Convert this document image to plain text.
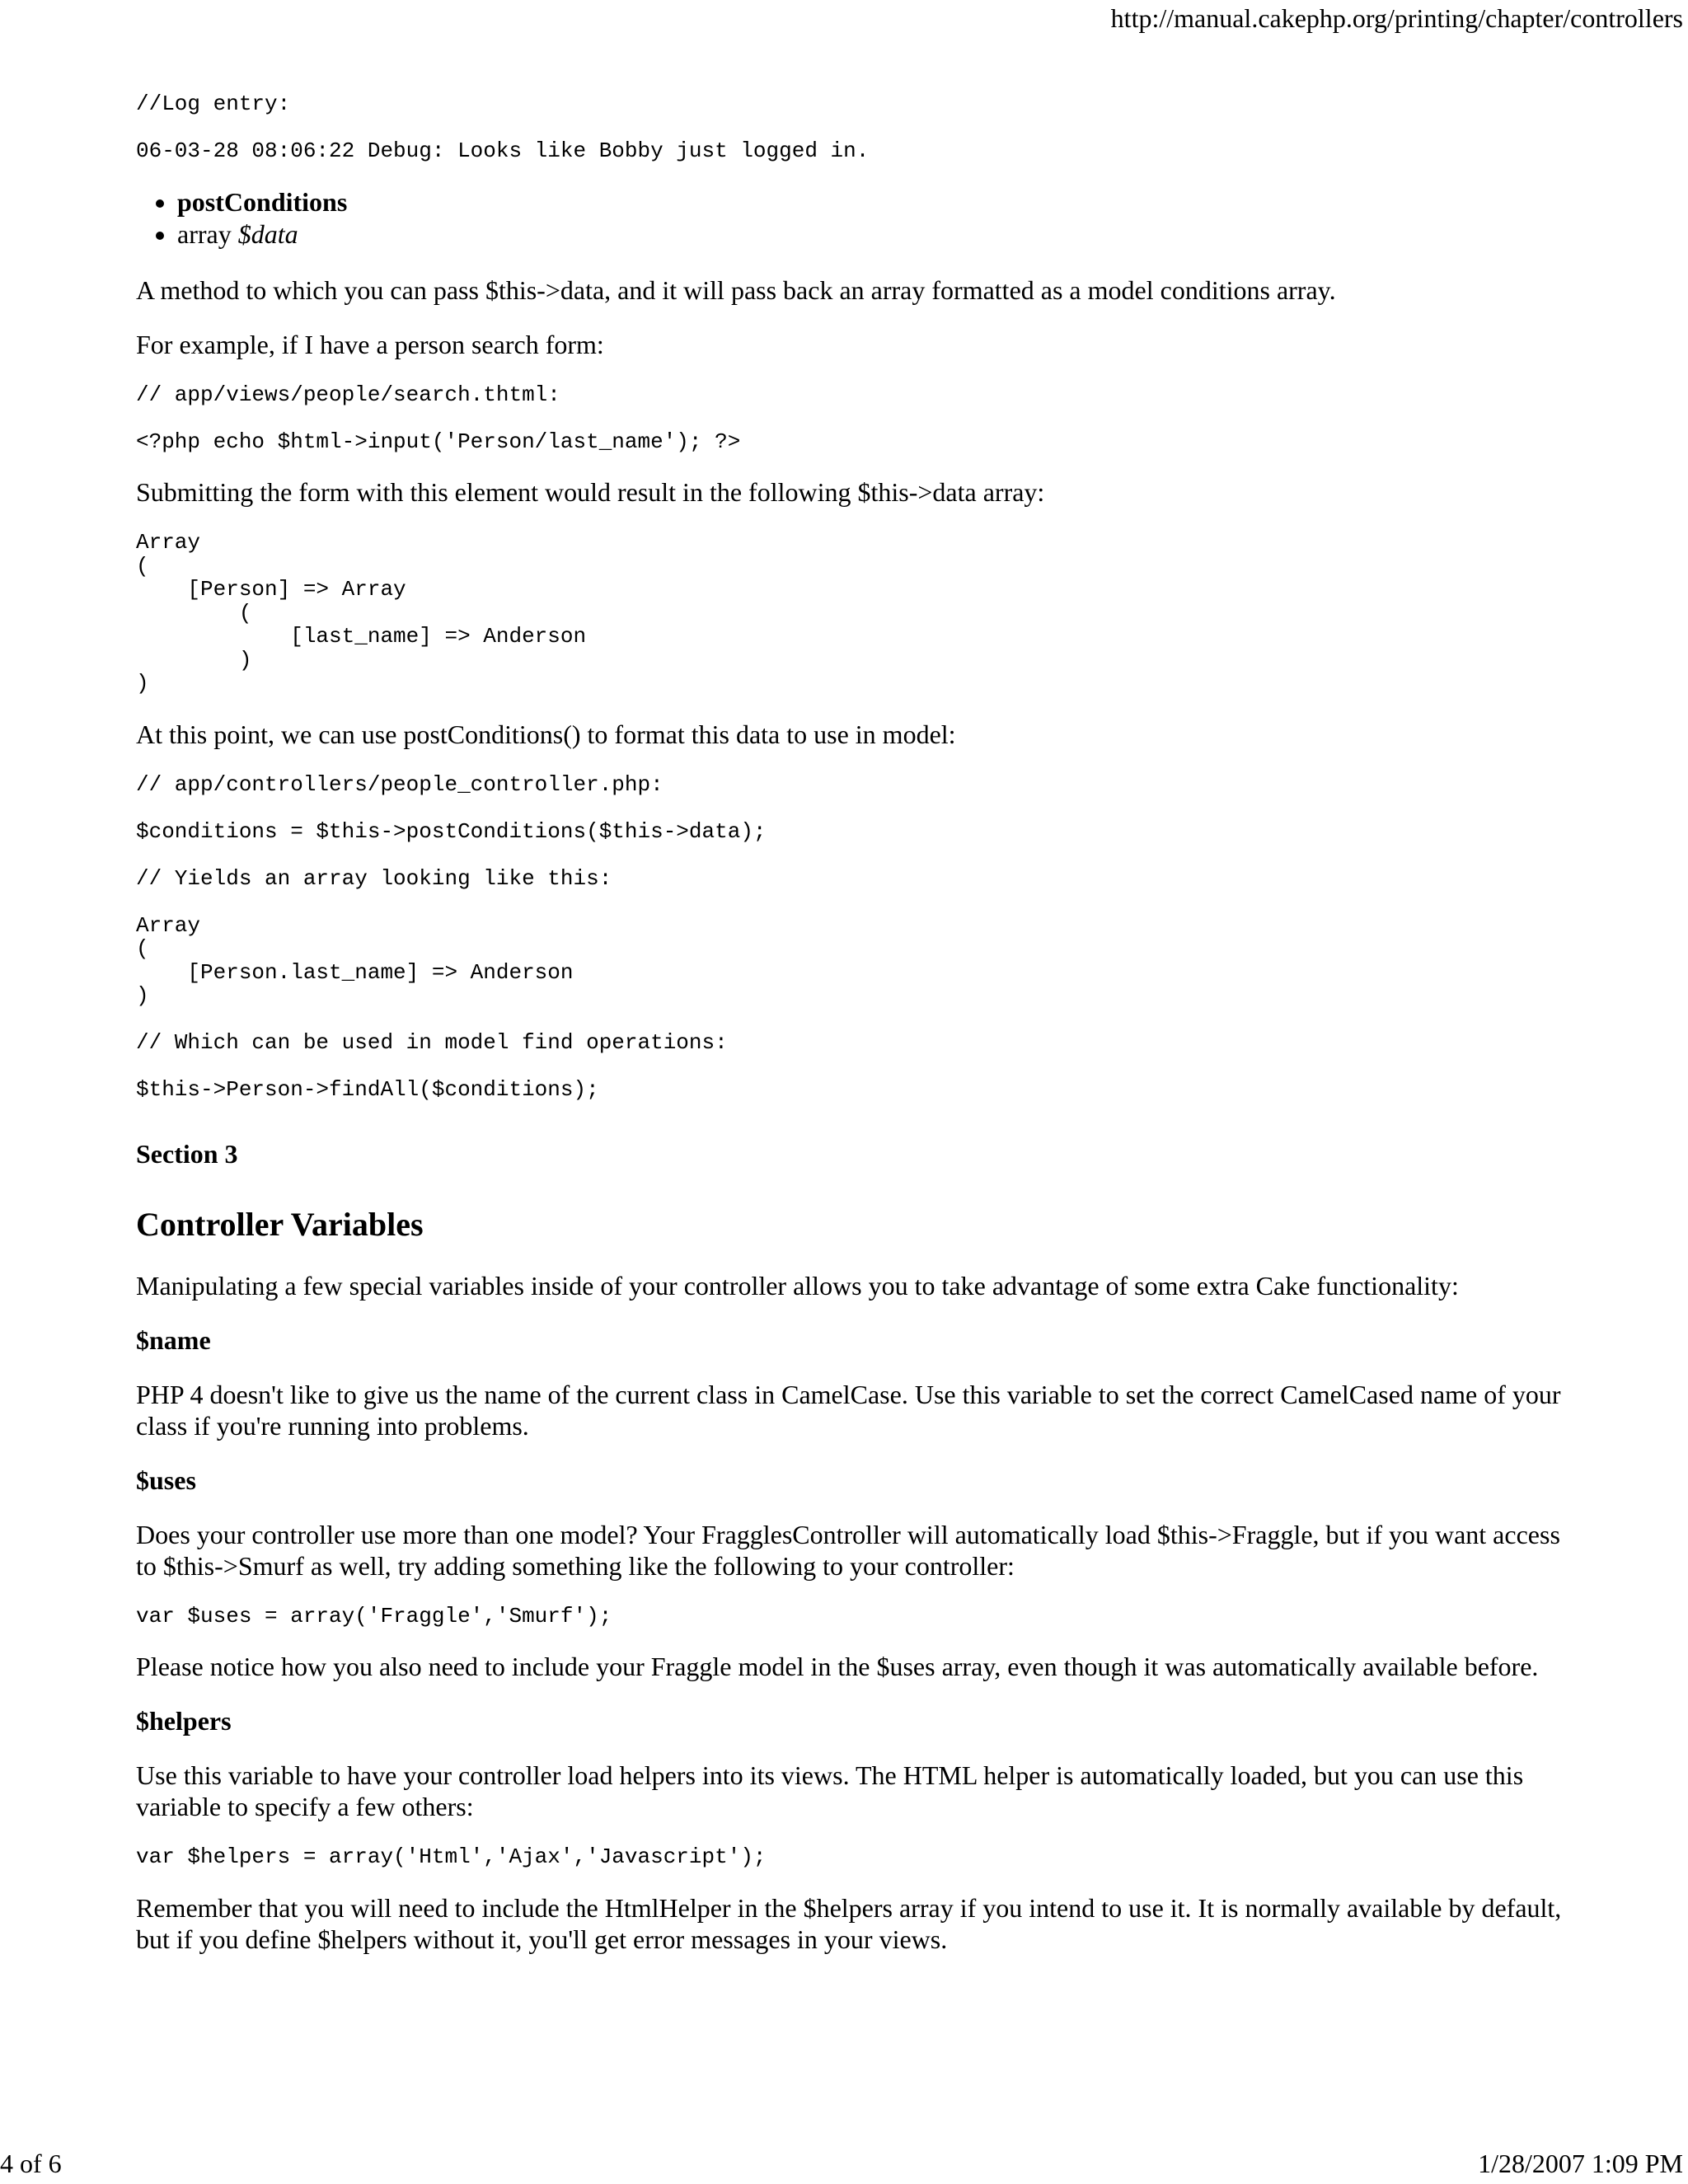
http://manual.cakephp.org/printing/chapter/controllers
//Log entry:

06-03-28 08:06:22 Debug: Looks like Bobby just logged in.
• postConditions
• array $data

A method to which you can pass $this->data, and it will pass back an array formatted as a model conditions array.

For example, if I have a person search form:

// app/views/people/search.thtml:

<?php echo $html->input('Person/last_name'); ?>

Submitting the form with this element would result in the following $this->data array:

Array
(
[Person] => Array
(
[last_name] => Anderson
)
)

At this point, we can use postConditions() to format this data to use in model:

// app/controllers/people_controller.php:

$conditions = $this->postConditions($this->data);

// Yields an array looking like this:

Array
(
[Person.last_name] => Anderson
)

// Which can be used in model find operations:

$this->Person->findAll($conditions);
Section 3
Controller Variables

Manipulating a few special variables inside of your controller allows you to take advantage of some extra Cake functionality:

$name

PHP 4 doesn't like to give us the name of the current class in CamelCase. Use this variable to set the correct CamelCased name of your class if you're running into problems.

$uses

Does your controller use more than one model? Your FragglesController will automatically load $this->Fraggle, but if you want access to $this->Smurf as well, try adding something like the following to your controller:

var $uses = array('Fraggle','Smurf');

Please notice how you also need to include your Fraggle model in the $uses array, even though it was automatically available before.

$helpers

Use this variable to have your controller load helpers into its views. The HTML helper is automatically loaded, but you can use this variable to specify a few others:

var $helpers = array('Html','Ajax','Javascript');

Remember that you will need to include the HtmlHelper in the $helpers array if you intend to use it. It is normally available by default, but if you define $helpers without it, you'll get error messages in your views.

4 of 6	1/28/2007 1:09 PM
